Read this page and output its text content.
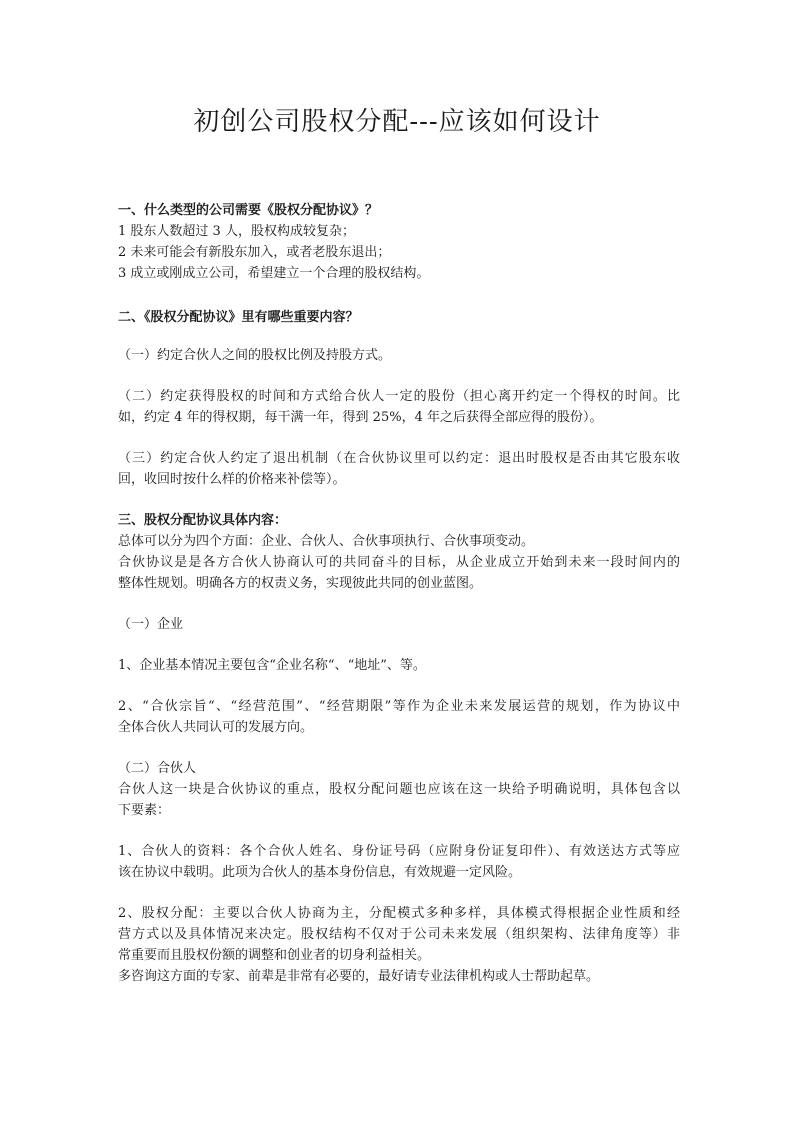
初创公司股权分配---应该如何设计
一、什么类型的公司需要《股权分配协议》？
1 股东人数超过 3 人，股权构成较复杂；
2 未来可能会有新股东加入，或者老股东退出；
3 成立或刚成立公司，希望建立一个合理的股权结构。
二、《股权分配协议》里有哪些重要内容？
（一）约定合伙人之间的股权比例及持股方式。
（二）约定获得股权的时间和方式给合伙人一定的股份（担心离开约定一个得权的时间。比
如，约定 4 年的得权期，每干满一年，得到 25%，4 年之后获得全部应得的股份）。
（三）约定合伙人约定了退出机制（在合伙协议里可以约定：退出时股权是否由其它股东收
回，收回时按什么样的价格来补偿等）。
三、股权分配协议具体内容：
总体可以分为四个方面：企业、合伙人、合伙事项执行、合伙事项变动。
合伙协议是是各方合伙人协商认可的共同奋斗的目标，从企业成立开始到未来一段时间内的
整体性规划。明确各方的权责义务，实现彼此共同的创业蓝图。
（一）企业
1、企业基本情况主要包含“企业名称“、“地址”、等。
2、“合伙宗旨“、“经营范围”、“经营期限”等作为企业未来发展运营的规划，作为协议中
全体合伙人共同认可的发展方向。
（二）合伙人
合伙人这一块是合伙协议的重点，股权分配问题也应该在这一块给予明确说明，具体包含以
下要素：
1、合伙人的资料：各个合伙人姓名、身份证号码（应附身份证复印件）、有效送达方式等应
该在协议中载明。此项为合伙人的基本身份信息，有效规避一定风险。
2、股权分配：主要以合伙人协商为主，分配模式多种多样，具体模式得根据企业性质和经
营方式以及具体情况来决定。股权结构不仅对于公司未来发展（组织架构、法律角度等）非
常重要而且股权份额的调整和创业者的切身利益相关。
多咨询这方面的专家、前辈是非常有必要的，最好请专业法律机构或人士帮助起草。
